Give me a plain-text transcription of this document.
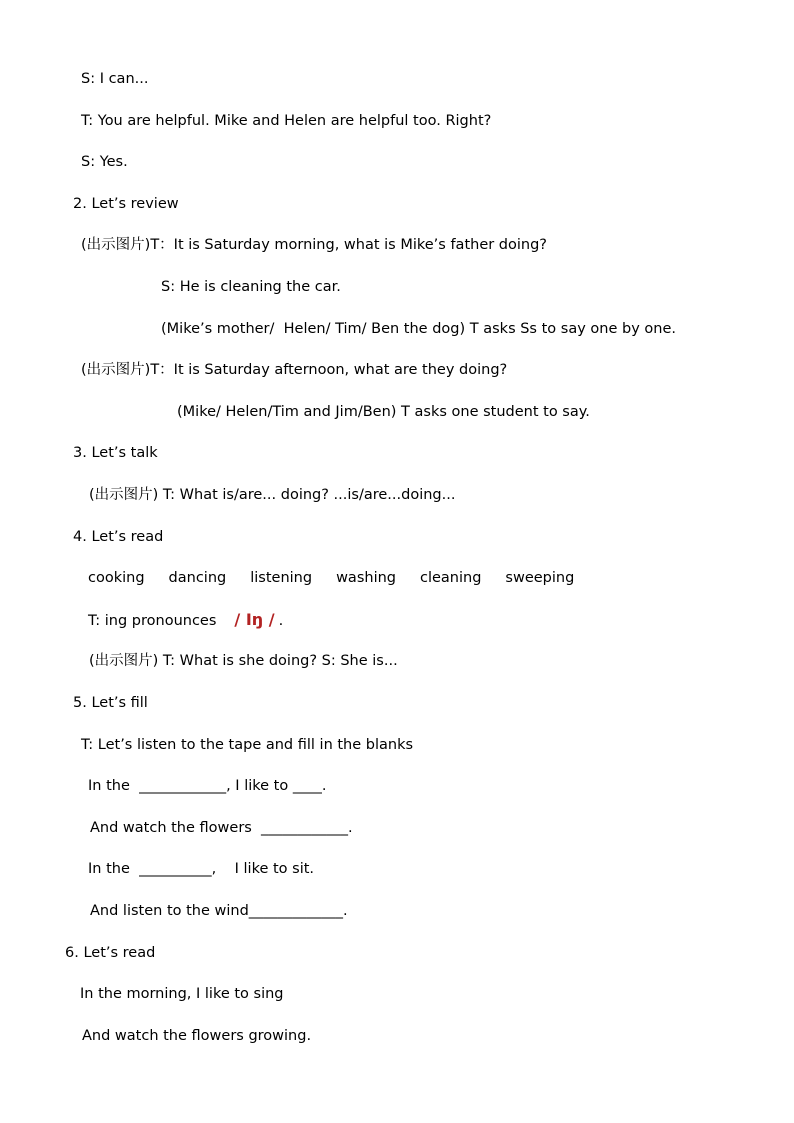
S: I can...
T: You are helpful. Mike and Helen are helpful too. Right?
S: Yes.
2. Let’s review
(出示图片)T：It is Saturday morning, what is Mike’s father doing?
S: He is cleaning the car.
(Mike’s mother/  Helen/ Tim/ Ben the dog) T asks Ss to say one by one.
(出示图片)T：It is Saturday afternoon, what are they doing?
(Mike/ Helen/Tim and Jim/Ben) T asks one student to say.
3. Let’s talk
(出示图片) T: What is/are... doing? ...is/are...doing...
4. Let’s read
cooking dancing listening washing cleaning sweeping
T: ing pronounces / Iŋ / .
(出示图片) T: What is she doing? S: She is...
5. Let’s fill
T: Let’s listen to the tape and fill in the blanks
In the  ____________, I like to ____.
And watch the flowers  ____________.
In the  __________,    I like to sit.
And listen to the wind_____________.
6. Let’s read
In the morning, I like to sing
And watch the flowers growing.
